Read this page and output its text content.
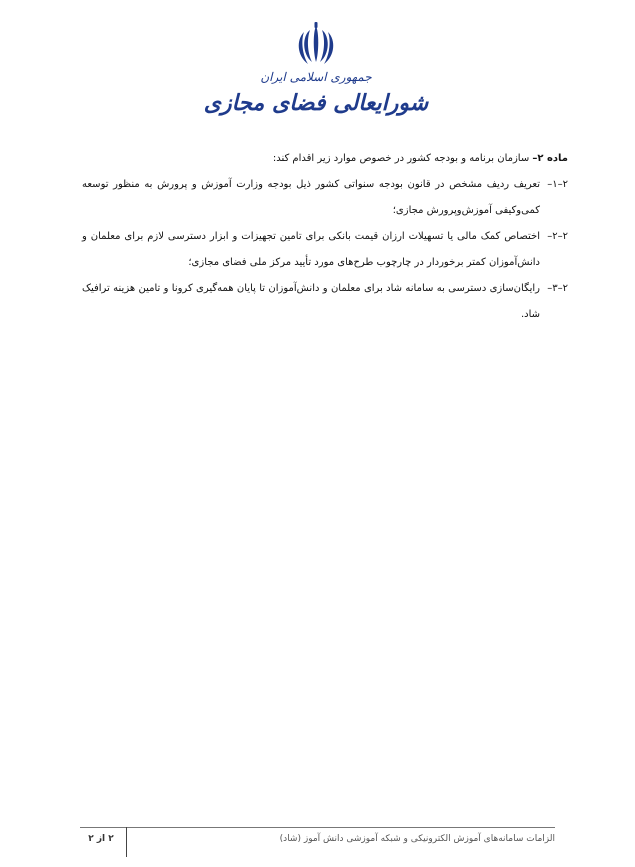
جمهوری اسلامی ایران
شورایعالی فضای مجازی

ماده ۲– سازمان برنامه و بودجه کشور در خصوص موارد زیر اقدام کند:

۲–۱–
تعریف ردیف مشخص در قانون بودجه سنواتی کشور ذیل بودجه وزارت آموزش و پرورش به منظور توسعه کمی‌وکیفی آموزش‌وپرورش مجازی؛
۲–۲–
اختصاص کمک مالی یا تسهیلات ارزان قیمت بانکی برای تامین تجهیزات و ابزار دسترسی لازم برای معلمان و دانش‌آموزان کمتر برخوردار در چارچوب طرح‌های مورد تأیید مرکز ملی فضای مجازی؛
۲–۳–
رایگان‌سازی دسترسی به سامانه شاد برای معلمان و دانش‌آموزان تا پایان همه‌گیری کرونا و تامین هزینه ترافیک شاد.
الزامات سامانه‌های آموزش الکترونیکی و شبکه آموزشی دانش آموز (شاد)
۲ از ۲
